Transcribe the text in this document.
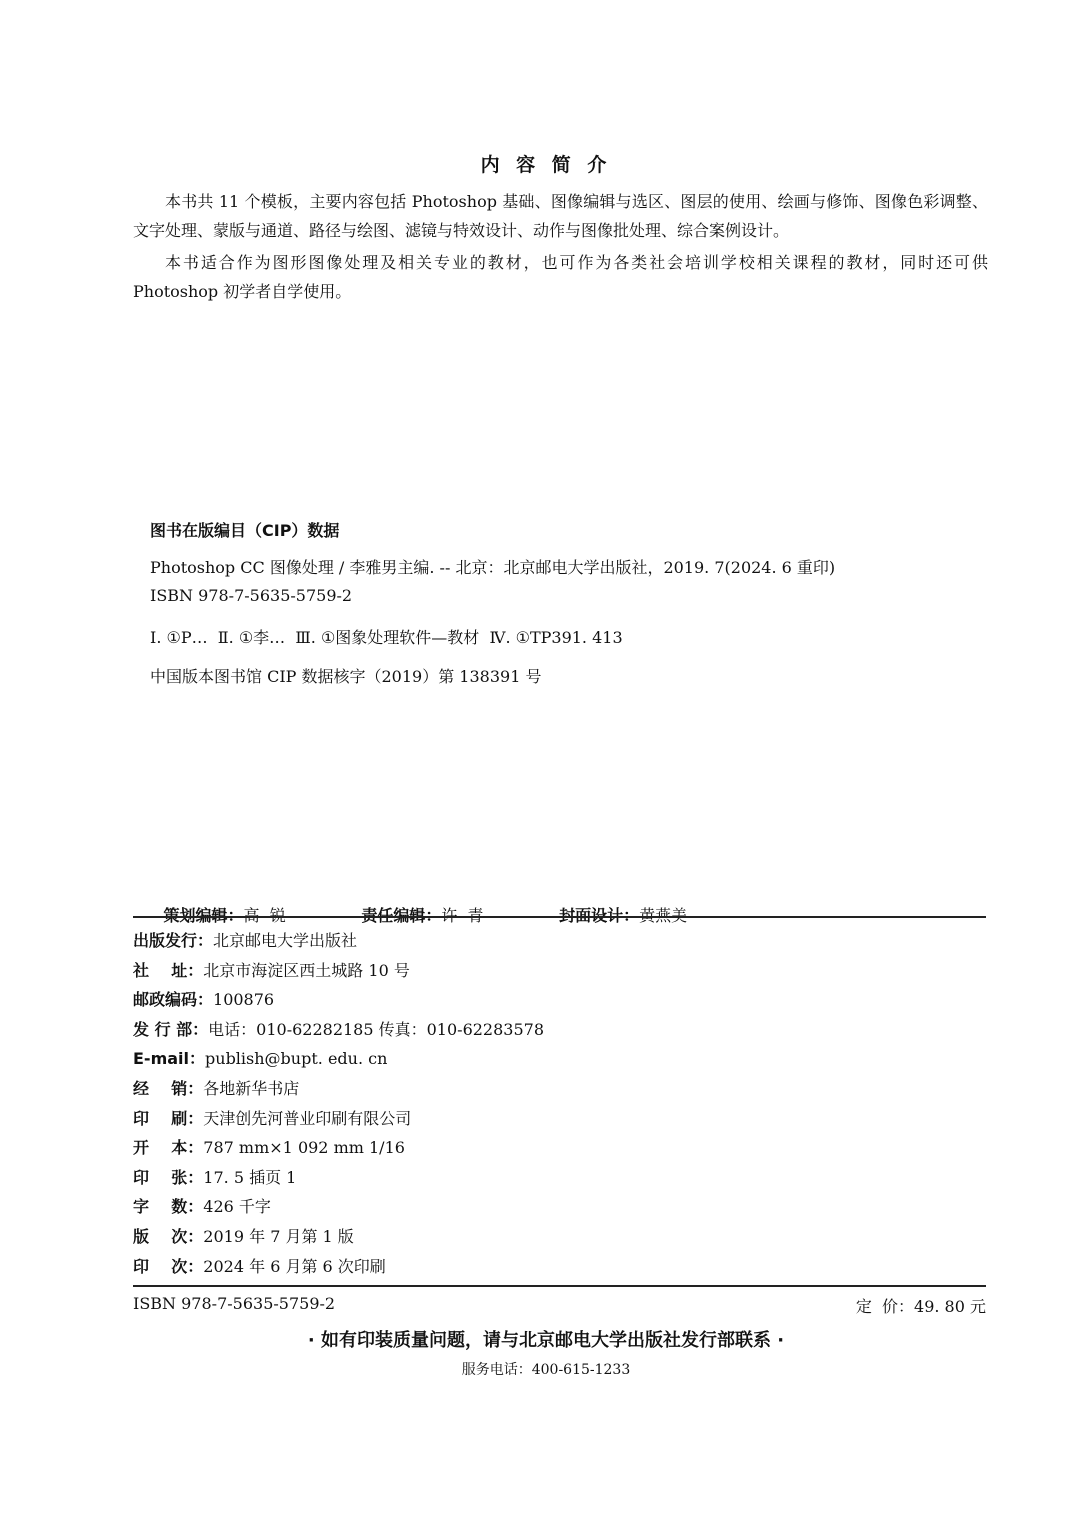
内 容 简 介
本书共 11 个模板，主要内容包括 Photoshop 基础、图像编辑与选区、图层的使用、绘画与修饰、图像色彩调整、文字处理、蒙版与通道、路径与绘图、滤镜与特效设计、动作与图像批处理、综合案例设计。
本书适合作为图形图像处理及相关专业的教材，也可作为各类社会培训学校相关课程的教材，同时还可供 Photoshop 初学者自学使用。
图书在版编目（CIP）数据
Photoshop CC 图像处理 / 李雅男主编. -- 北京：北京邮电大学出版社，2019. 7(2024. 6 重印)
ISBN 978-7-5635-5759-2
Ⅰ. ①P…  Ⅱ. ①李…  Ⅲ. ①图象处理软件—教材  Ⅳ. ①TP391. 413
中国版本图书馆 CIP 数据核字（2019）第 138391 号

策划编辑：高  锐
	责任编辑：许  青
	封面设计：黄燕美

出版发行：北京邮电大学出版社
社    址：北京市海淀区西土城路 10 号
邮政编码：100876
发 行 部：电话：010-62282185 传真：010-62283578
E-mail：publish@bupt. edu. cn
经    销：各地新华书店
印    刷：天津创先河普业印刷有限公司
开    本：787 mm×1 092 mm 1/16
印    张：17. 5 插页 1
字    数：426 千字
版    次：2019 年 7 月第 1 版
印    次：2024 年 6 月第 6 次印刷
ISBN 978-7-5635-5759-2	定  价：49. 80 元
· 如有印装质量问题，请与北京邮电大学出版社发行部联系 ·
服务电话：400-615-1233
